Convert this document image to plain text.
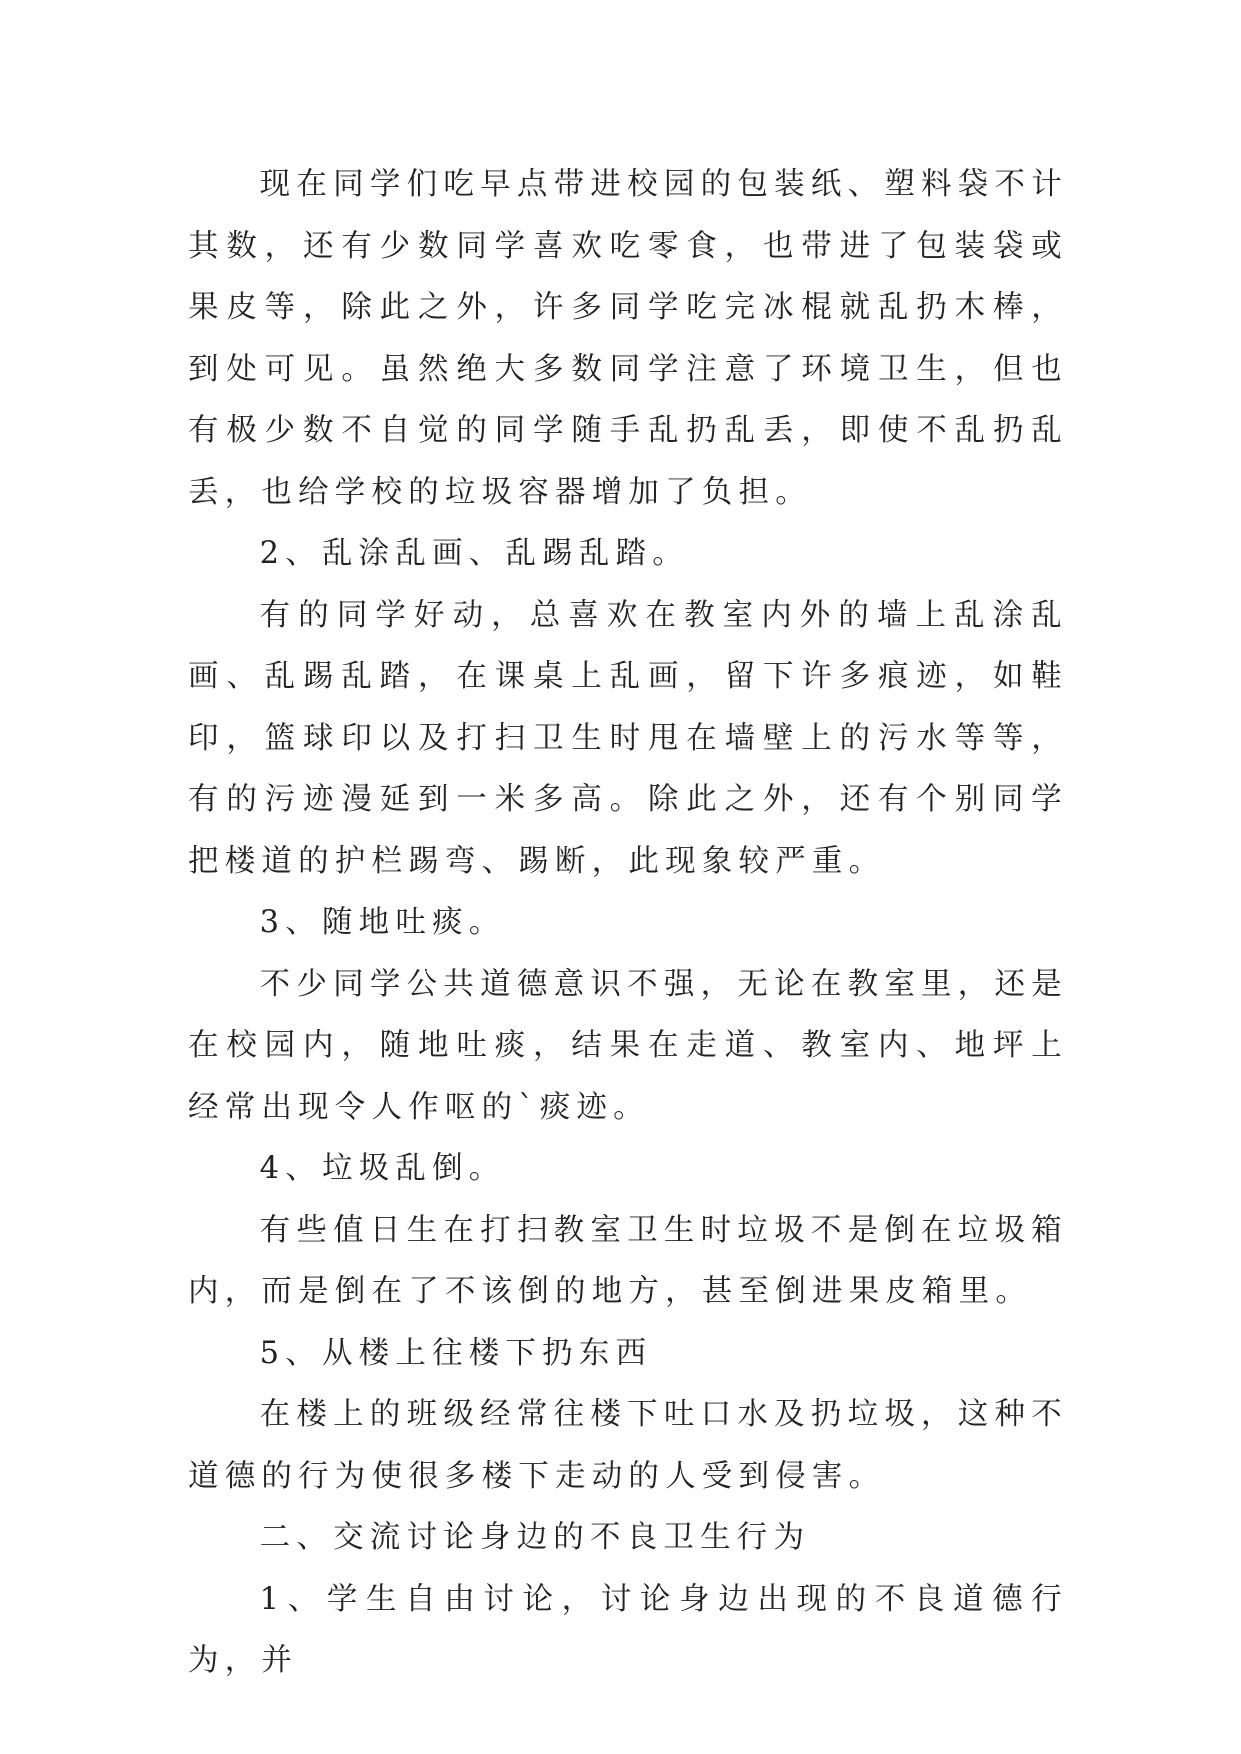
现在同学们吃早点带进校园的包装纸、塑料袋不计其数，还有少数同学喜欢吃零食，也带进了包装袋或果皮等，除此之外，许多同学吃完冰棍就乱扔木棒，到处可见。虽然绝大多数同学注意了环境卫生，但也有极少数不自觉的同学随手乱扔乱丢，即使不乱扔乱丢，也给学校的垃圾容器增加了负担。

2、乱涂乱画、乱踢乱踏。

有的同学好动，总喜欢在教室内外的墙上乱涂乱画、乱踢乱踏，在课桌上乱画，留下许多痕迹，如鞋印，篮球印以及打扫卫生时甩在墙壁上的污水等等，有的污迹漫延到一米多高。除此之外，还有个别同学把楼道的护栏踢弯、踢断，此现象较严重。

3、随地吐痰。

不少同学公共道德意识不强，无论在教室里，还是在校园内，随地吐痰，结果在走道、教室内、地坪上经常出现令人作呕的`痰迹。

4、垃圾乱倒。

有些值日生在打扫教室卫生时垃圾不是倒在垃圾箱内，而是倒在了不该倒的地方，甚至倒进果皮箱里。

5、从楼上往楼下扔东西

在楼上的班级经常往楼下吐口水及扔垃圾，这种不道德的行为使很多楼下走动的人受到侵害。

二、交流讨论身边的不良卫生行为

1、学生自由讨论，讨论身边出现的不良道德行为，并
